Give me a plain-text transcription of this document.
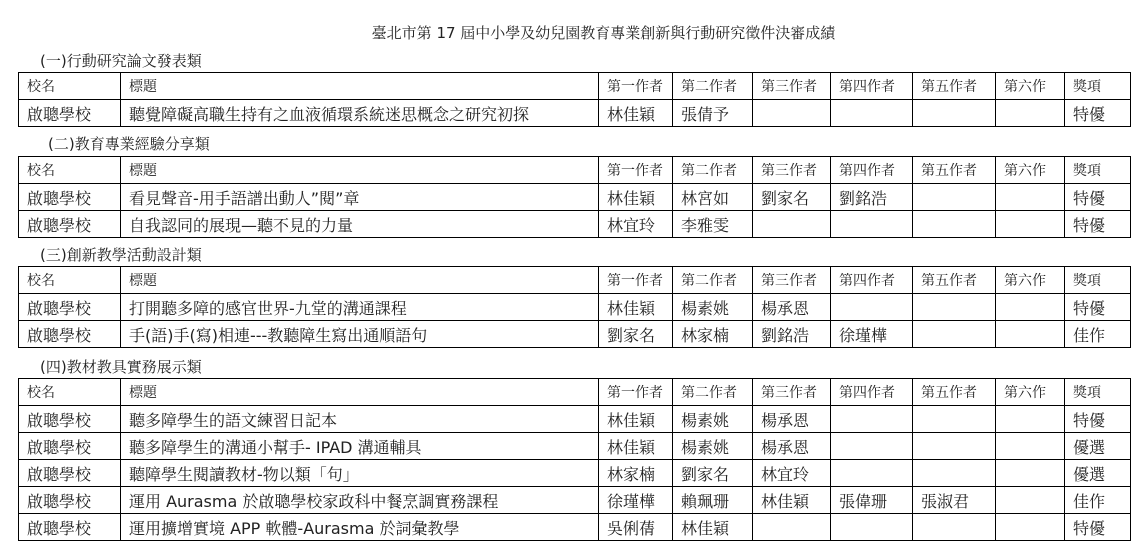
臺北市第 17 屆中小學及幼兒園教育專業創新與行動研究徵件決審成績
(一)行動研究論文發表類
校名	標題	第一作者	第二作者	第三作者	第四作者	第五作者	第六作	獎項
啟聰學校	聽覺障礙高職生持有之血液循環系統迷思概念之研究初探	林佳穎	張倩予					特優
(二)教育專業經驗分享類
校名	標題	第一作者	第二作者	第三作者	第四作者	第五作者	第六作	獎項
啟聰學校	看見聲音-用手語譜出動人”閱”章	林佳穎	林宮如	劉家名	劉銘浩			特優
啟聰學校	自我認同的展現—聽不見的力量	林宜玲	李雅雯					特優
(三)創新教學活動設計類
校名	標題	第一作者	第二作者	第三作者	第四作者	第五作者	第六作	獎項
啟聰學校	打開聽多障的感官世界-九堂的溝通課程	林佳穎	楊素姚	楊承恩				特優
啟聰學校	手(語)手(寫)相連---教聽障生寫出通順語句	劉家名	林家楠	劉銘浩	徐瑾樺			佳作
(四)教材教具實務展示類
校名	標題	第一作者	第二作者	第三作者	第四作者	第五作者	第六作	獎項
啟聰學校	聽多障學生的語文練習日記本	林佳穎	楊素姚	楊承恩				特優
啟聰學校	聽多障學生的溝通小幫手- IPAD 溝通輔具	林佳穎	楊素姚	楊承恩				優選
啟聰學校	聽障學生閱讀教材-物以類「句」	林家楠	劉家名	林宜玲				優選
啟聰學校	運用 Aurasma 於啟聰學校家政科中餐烹調實務課程	徐瑾樺	賴珮珊	林佳穎	張偉珊	張淑君		佳作
啟聰學校	運用擴增實境 APP 軟體-Aurasma 於詞彙教學	吳俐蒨	林佳穎					特優
